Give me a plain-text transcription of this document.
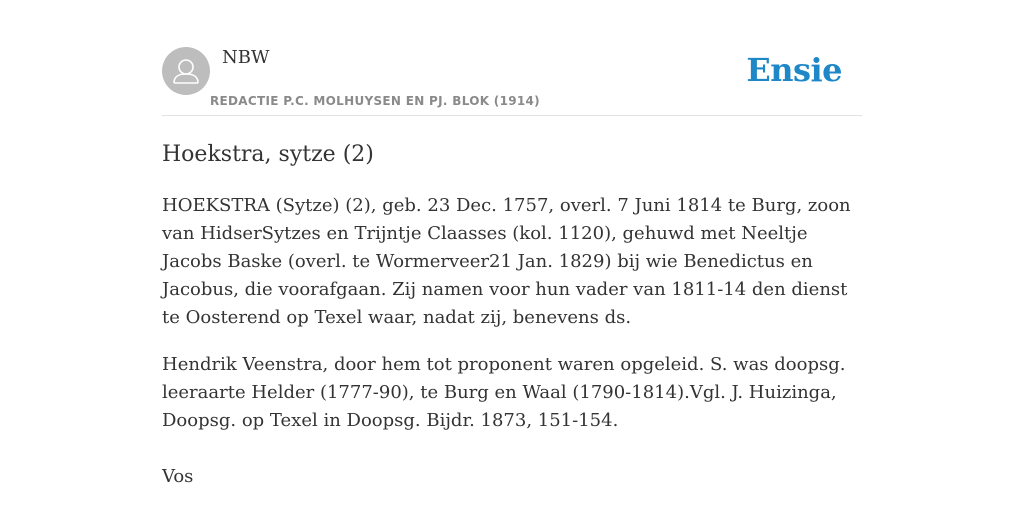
NBW
REDACTIE P.C. MOLHUYSEN EN PJ. BLOK (1914)
Ensie
Hoekstra, sytze (2)

HOEKSTRA (Sytze) (2), geb. 23 Dec. 1757, overl. 7 Juni 1814 te Burg, zoon van HidserSytzes en Trijntje Claasses (kol. 1120), gehuwd met Neeltje Jacobs Baske (overl. te Wormerveer21 Jan. 1829) bij wie Benedictus en Jacobus, die voorafgaan. Zij namen voor hun vader van 1811-14 den dienst te Oosterend op Texel waar, nadat zij, benevens ds.

Hendrik Veenstra, door hem tot proponent waren opgeleid. S. was doopsg. leeraarte Helder (1777-90), te Burg en Waal (1790-1814).Vgl. J. Huizinga, Doopsg. op Texel in Doopsg. Bijdr. 1873, 151-154.

Vos
